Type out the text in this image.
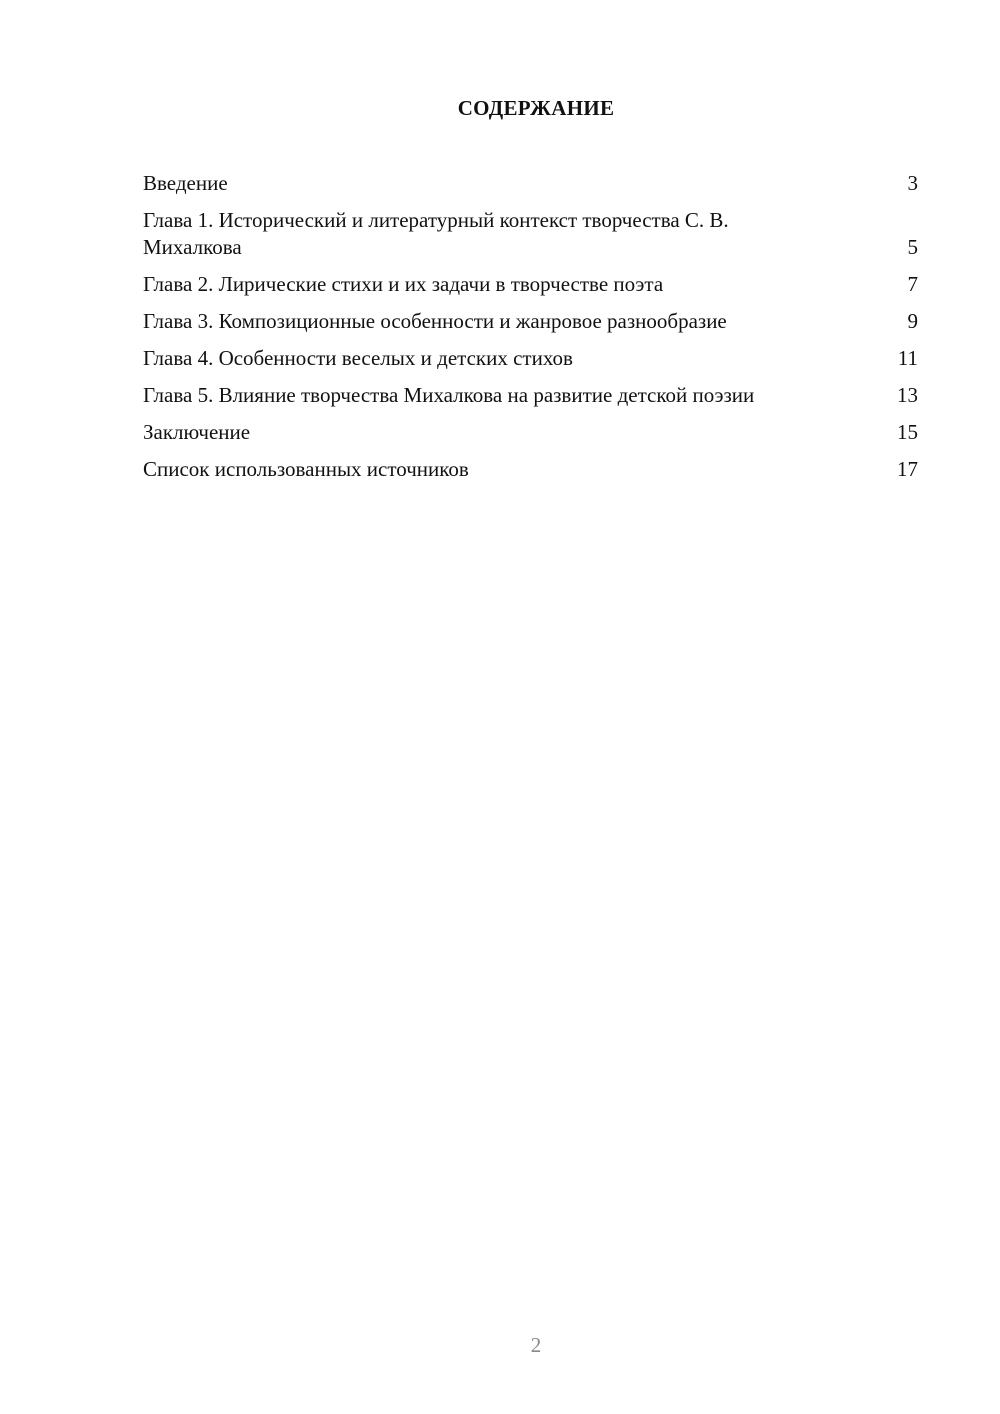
СОДЕРЖАНИЕ
Введение	3
Глава 1. Исторический и литературный контекст творчества С. В. Михалкова	5
Глава 2. Лирические стихи и их задачи в творчестве поэта	7
Глава 3. Композиционные особенности и жанровое разнообразие	9
Глава 4. Особенности веселых и детских стихов	11
Глава 5. Влияние творчества Михалкова на развитие детской поэзии	13
Заключение	15
Список использованных источников	17
2
